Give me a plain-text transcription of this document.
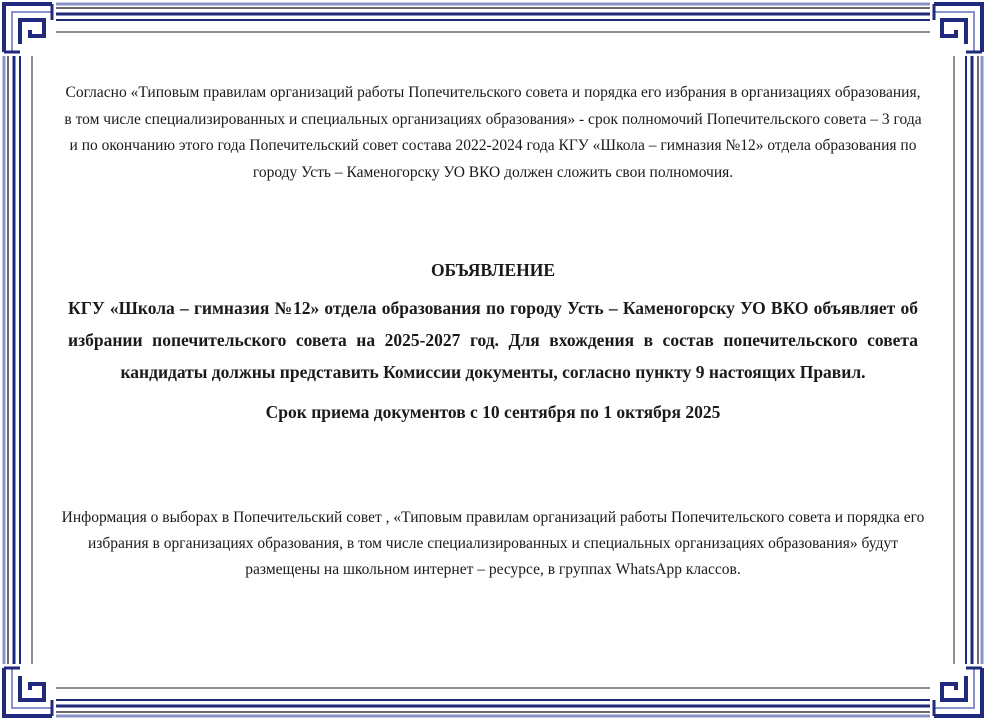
Согласно «Типовым правилам организаций работы Попечительского совета и порядка его избрания в организациях образования, в том числе специализированных и специальных организациях образования» - срок полномочий Попечительского совета – 3 года и по окончанию этого года Попечительский совет состава 2022-2024 года КГУ «Школа – гимназия №12» отдела образования по городу Усть – Каменогорску УО ВКО должен сложить свои полномочия.
ОБЪЯВЛЕНИЕ
КГУ «Школа – гимназия №12» отдела образования по городу Усть – Каменогорску УО ВКО объявляет об избрании попечительского совета на 2025-2027 год. Для вхождения в состав попечительского совета кандидаты должны представить Комиссии документы, согласно пункту 9 настоящих Правил.
Срок приема документов с 10 сентября по 1 октября 2025
Информация о выборах в Попечительский совет , «Типовым правилам организаций работы Попечительского совета и порядка его избрания в организациях образования, в том числе специализированных и специальных организациях образования» будут размещены на школьном интернет – ресурсе, в группах WhatsApp классов.
